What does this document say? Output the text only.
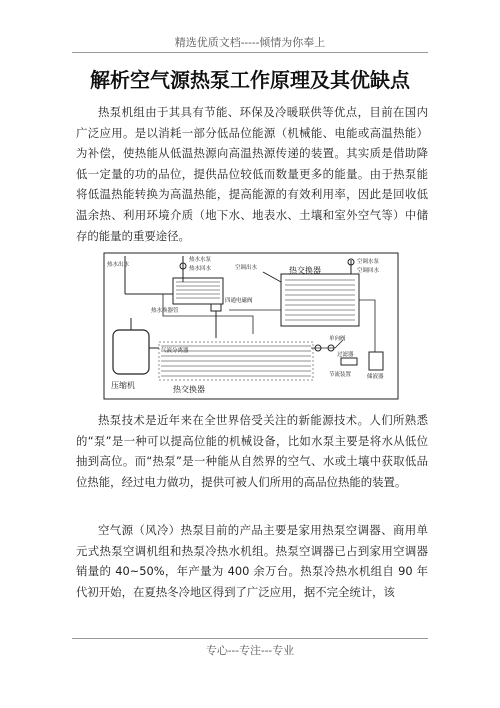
精选优质文档-----倾情为你奉上
解析空气源热泵工作原理及其优缺点

热泵机组由于其具有节能、环保及冷暖联供等优点，目前在国内广泛应用。是以消耗一部分低品位能源（机械能、电能或高温热能）为补偿，使热能从低温热源向高温热源传递的装置。其实质是借助降低一定量的功的品位，提供品位较低而数量更多的能量。由于热泵能将低温热能转换为高温热能，提高能源的有效利用率，因此是回收低温余热、利用环境介质（地下水、地表水、土壤和室外空气等）中储存的能量的重要途径。

热水出水
热水水泵
热水回水
热水换器管
四通电磁阀
空调出水	空调回水
空调水泵
热交换器
热交换器
压缩机
气液分离器
单向阀
过滤器
储液器
节流装置

热泵技术是近年来在全世界倍受关注的新能源技术。人们所熟悉的“泵”是一种可以提高位能的机械设备，比如水泵主要是将水从低位抽到高位。而“热泵”是一种能从自然界的空气、水或土壤中获取低品位热能，经过电力做功，提供可被人们所用的高品位热能的装置。

空气源（风冷）热泵目前的产品主要是家用热泵空调器、商用单元式热泵空调机组和热泵冷热水机组。热泵空调器已占到家用空调器销量的 40~50%，年产量为 400 余万台。热泵冷热水机组自 90 年代初开始，在夏热冬冷地区得到了广泛应用，据不完全统计，该

专心---专注---专业
